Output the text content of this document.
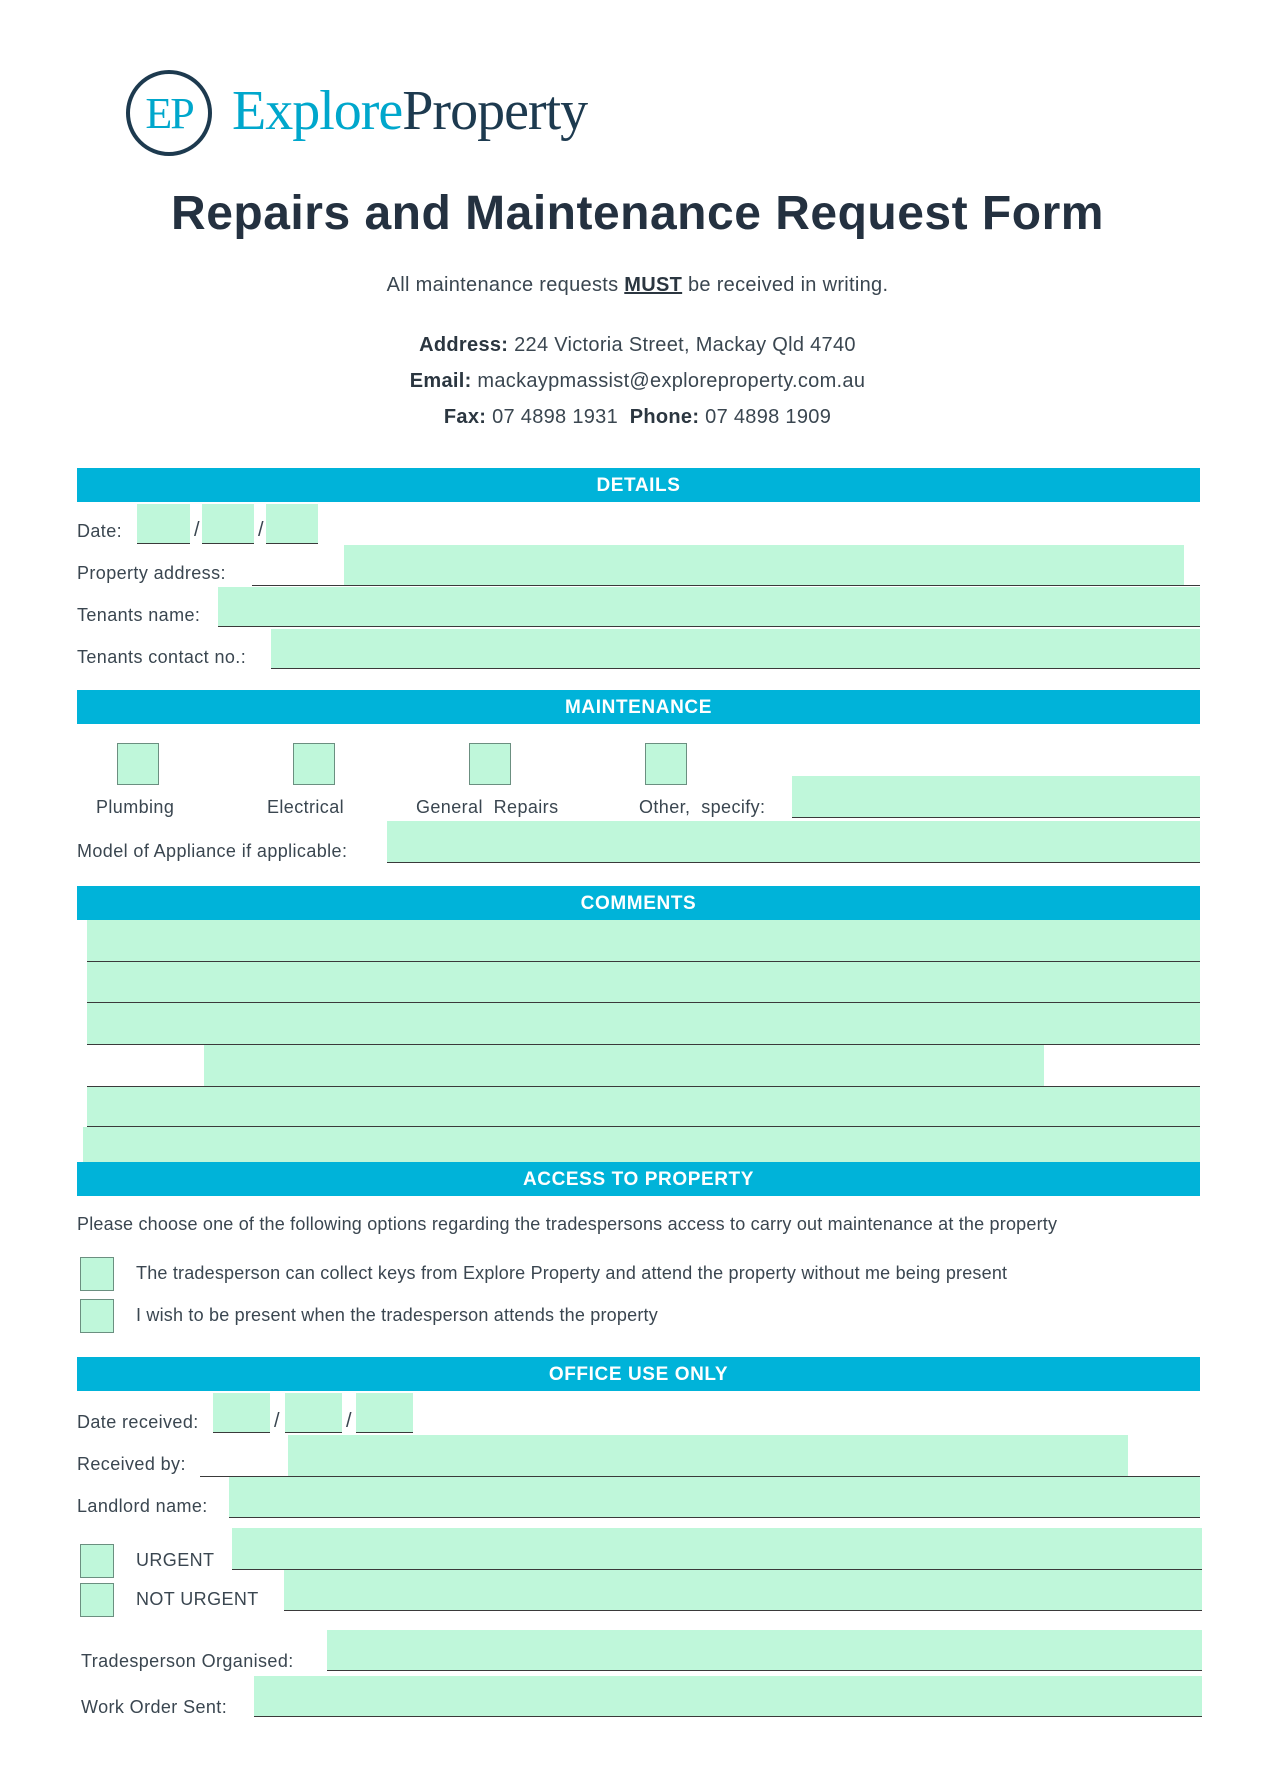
EP ExploreProperty
Repairs and Maintenance Request Form
All maintenance requests MUST be received in writing.
Address: 224 Victoria Street, Mackay Qld 4740
Email: mackaypmassist@exploreproperty.com.au
Fax: 07 4898 1931 Phone: 07 4898 1909
DETAILS
Date:	/	/
Property address:
Tenants name:
Tenants contact no.:
MAINTENANCE
Plumbing	Electrical	General  Repairs	Other,  specify:
Model of Appliance if applicable:
COMMENTS
ACCESS TO PROPERTY
Please choose one of the following options regarding the tradespersons access to carry out maintenance at the property
The tradesperson can collect keys from Explore Property and attend the property without me being present
I wish to be present when the tradesperson attends the property
OFFICE USE ONLY
Date received:	/	/
Received by:
Landlord name:
URGENT
NOT URGENT
Tradesperson Organised:
Work Order Sent:
